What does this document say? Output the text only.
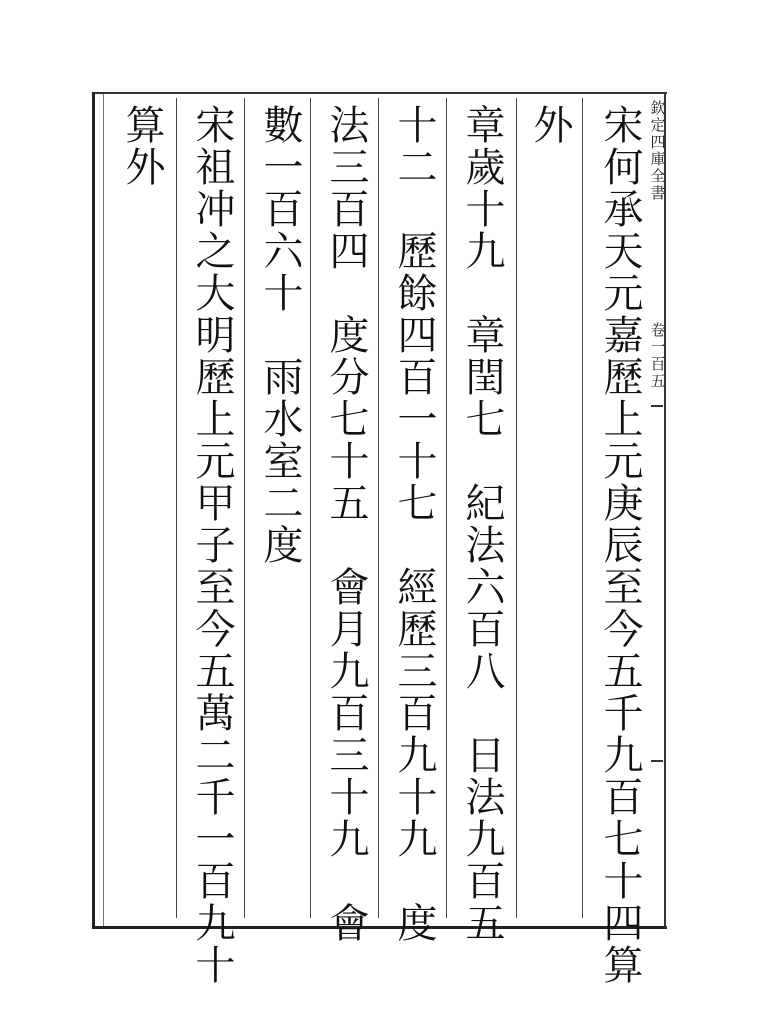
欽定四庫全書
卷一百五
宋何承天元嘉歷上元庚辰至今五千九百七十四算
外
章歲十九　章閏七　紀法六百八　日法九百五
十二　歷餘四百一十七　經歷三百九十九　度
法三百四　度分七十五　會月九百三十九　會
數一百六十　雨水室二度
宋祖冲之大明歷上元甲子至今五萬二千一百九十
算外
